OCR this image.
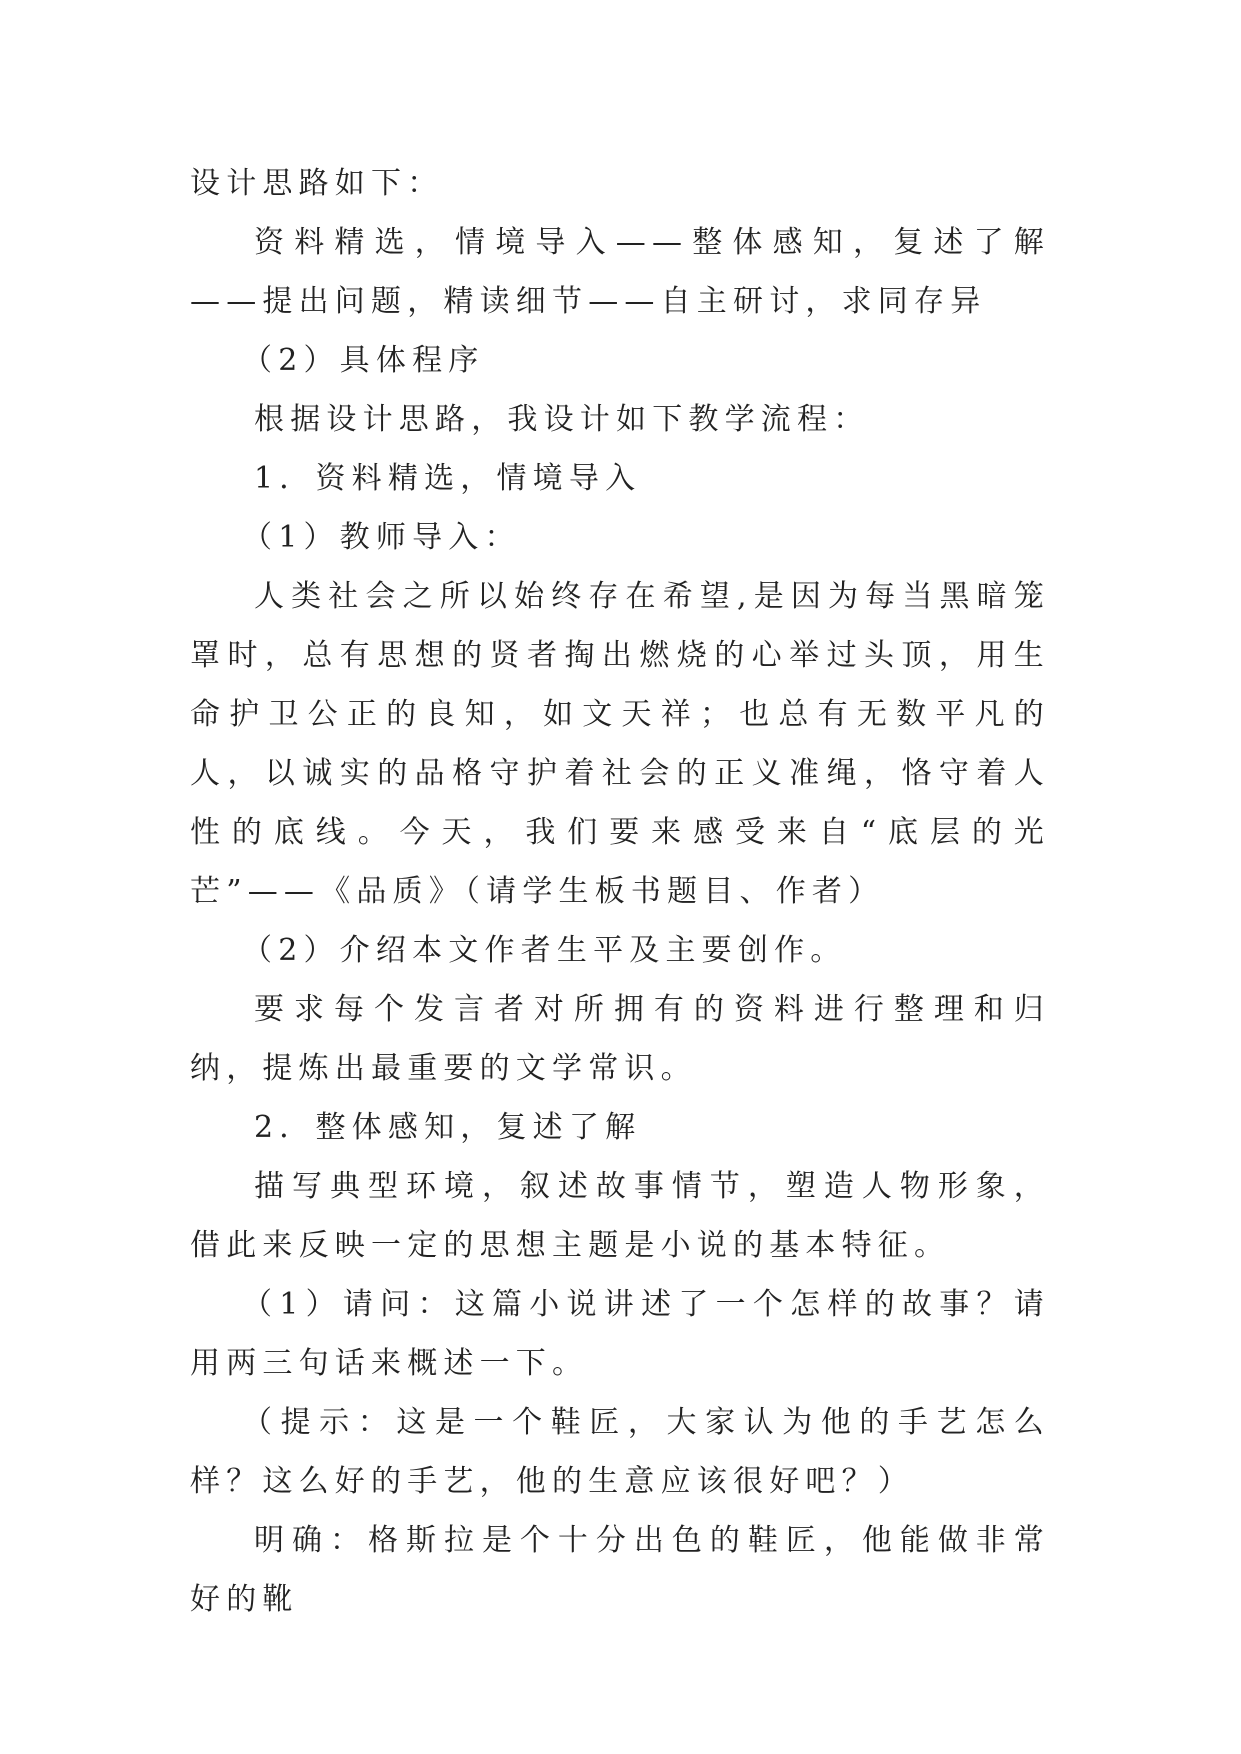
设计思路如下：

资料精选，情境导入——整体感知，复述了解——提出问题，精读细节——自主研讨，求同存异

（2）具体程序

根据设计思路，我设计如下教学流程：

1．资料精选，情境导入

（1）教师导入：

人类社会之所以始终存在希望,是因为每当黑暗笼罩时，总有思想的贤者掏出燃烧的心举过头顶，用生命护卫公正的良知，如文天祥；也总有无数平凡的人，以诚实的品格守护着社会的正义准绳，恪守着人性的底线。今天，我们要来感受来自“底层的光芒”——《品质》（请学生板书题目、作者）

（2）介绍本文作者生平及主要创作。

要求每个发言者对所拥有的资料进行整理和归纳，提炼出最重要的文学常识。

2．整体感知，复述了解

描写典型环境，叙述故事情节，塑造人物形象，借此来反映一定的思想主题是小说的基本特征。

（1）请问：这篇小说讲述了一个怎样的故事？请用两三句话来概述一下。

（提示：这是一个鞋匠，大家认为他的手艺怎么样？这么好的手艺，他的生意应该很好吧？）

明确：格斯拉是个十分出色的鞋匠，他能做非常好的靴
